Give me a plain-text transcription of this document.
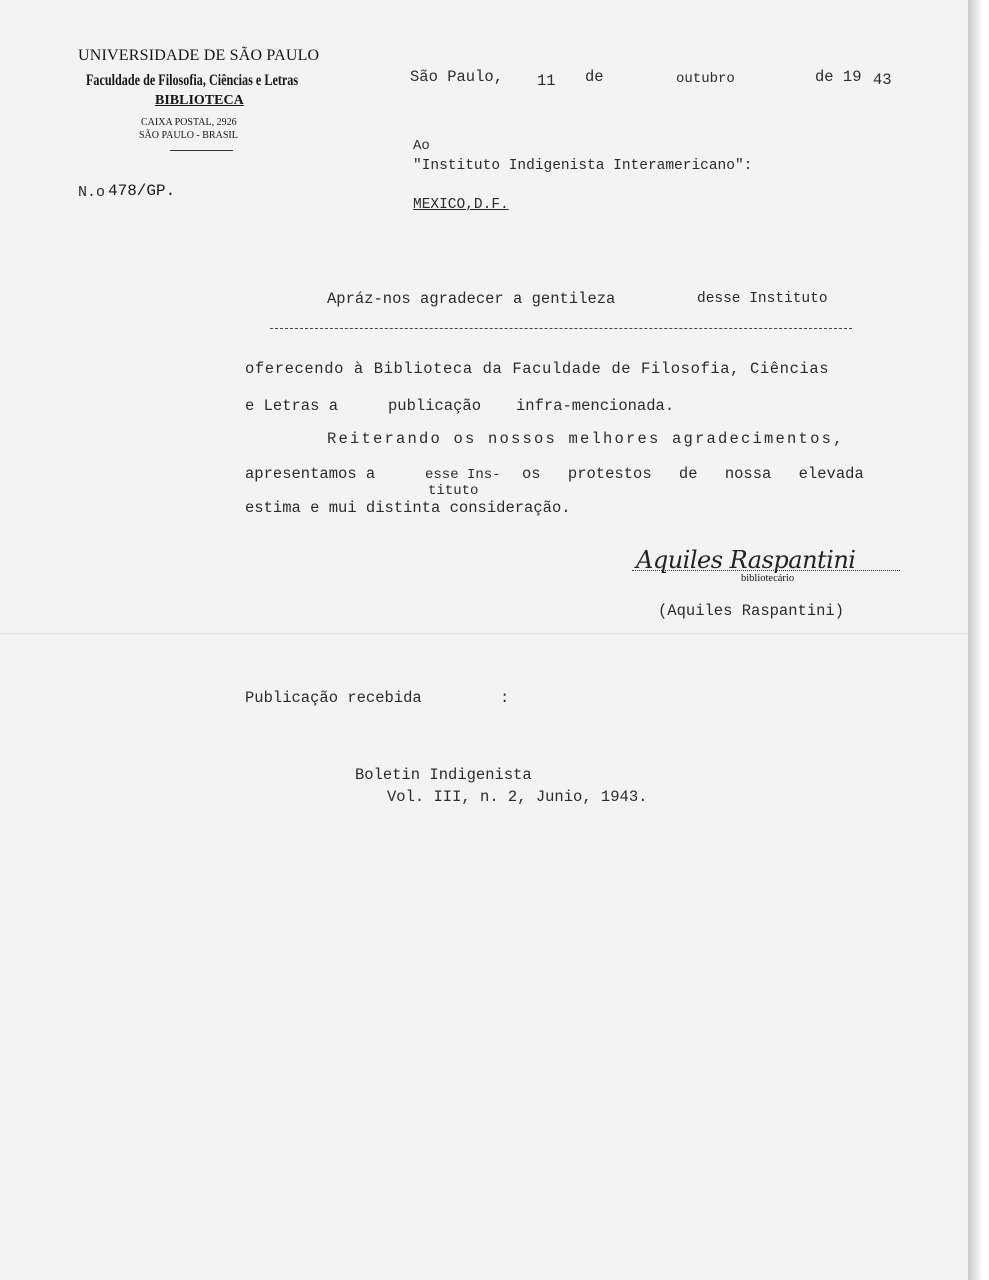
UNIVERSIDADE DE SÃO PAULO
Faculdade de Filosofia, Ciências e Letras
BIBLIOTECA
CAIXA POSTAL, 2926
SÃO PAULO - BRASIL
N.o 478/GP.
São Paulo, 11 de	outubro	de 19 43
Ao
"Instituto Indigenista Interamericano":
MEXICO,D.F.
Apráz-nos agradecer a gentileza	desse Instituto
oferecendo à Biblioteca da Faculdade de Filosofia, Ciências
e Letras a	publicação infra-mencionada.
Reiterando os nossos melhores agradecimentos,
apresentamos a	esse Ins- os protestos de nossa elevada
tituto
estima e mui distinta consideração.
Aquiles Raspantini
bibliotecário
(Aquiles Raspantini)
Publicação recebida	:
Boletin Indigenista
Vol. III, n. 2, Junio, 1943.
